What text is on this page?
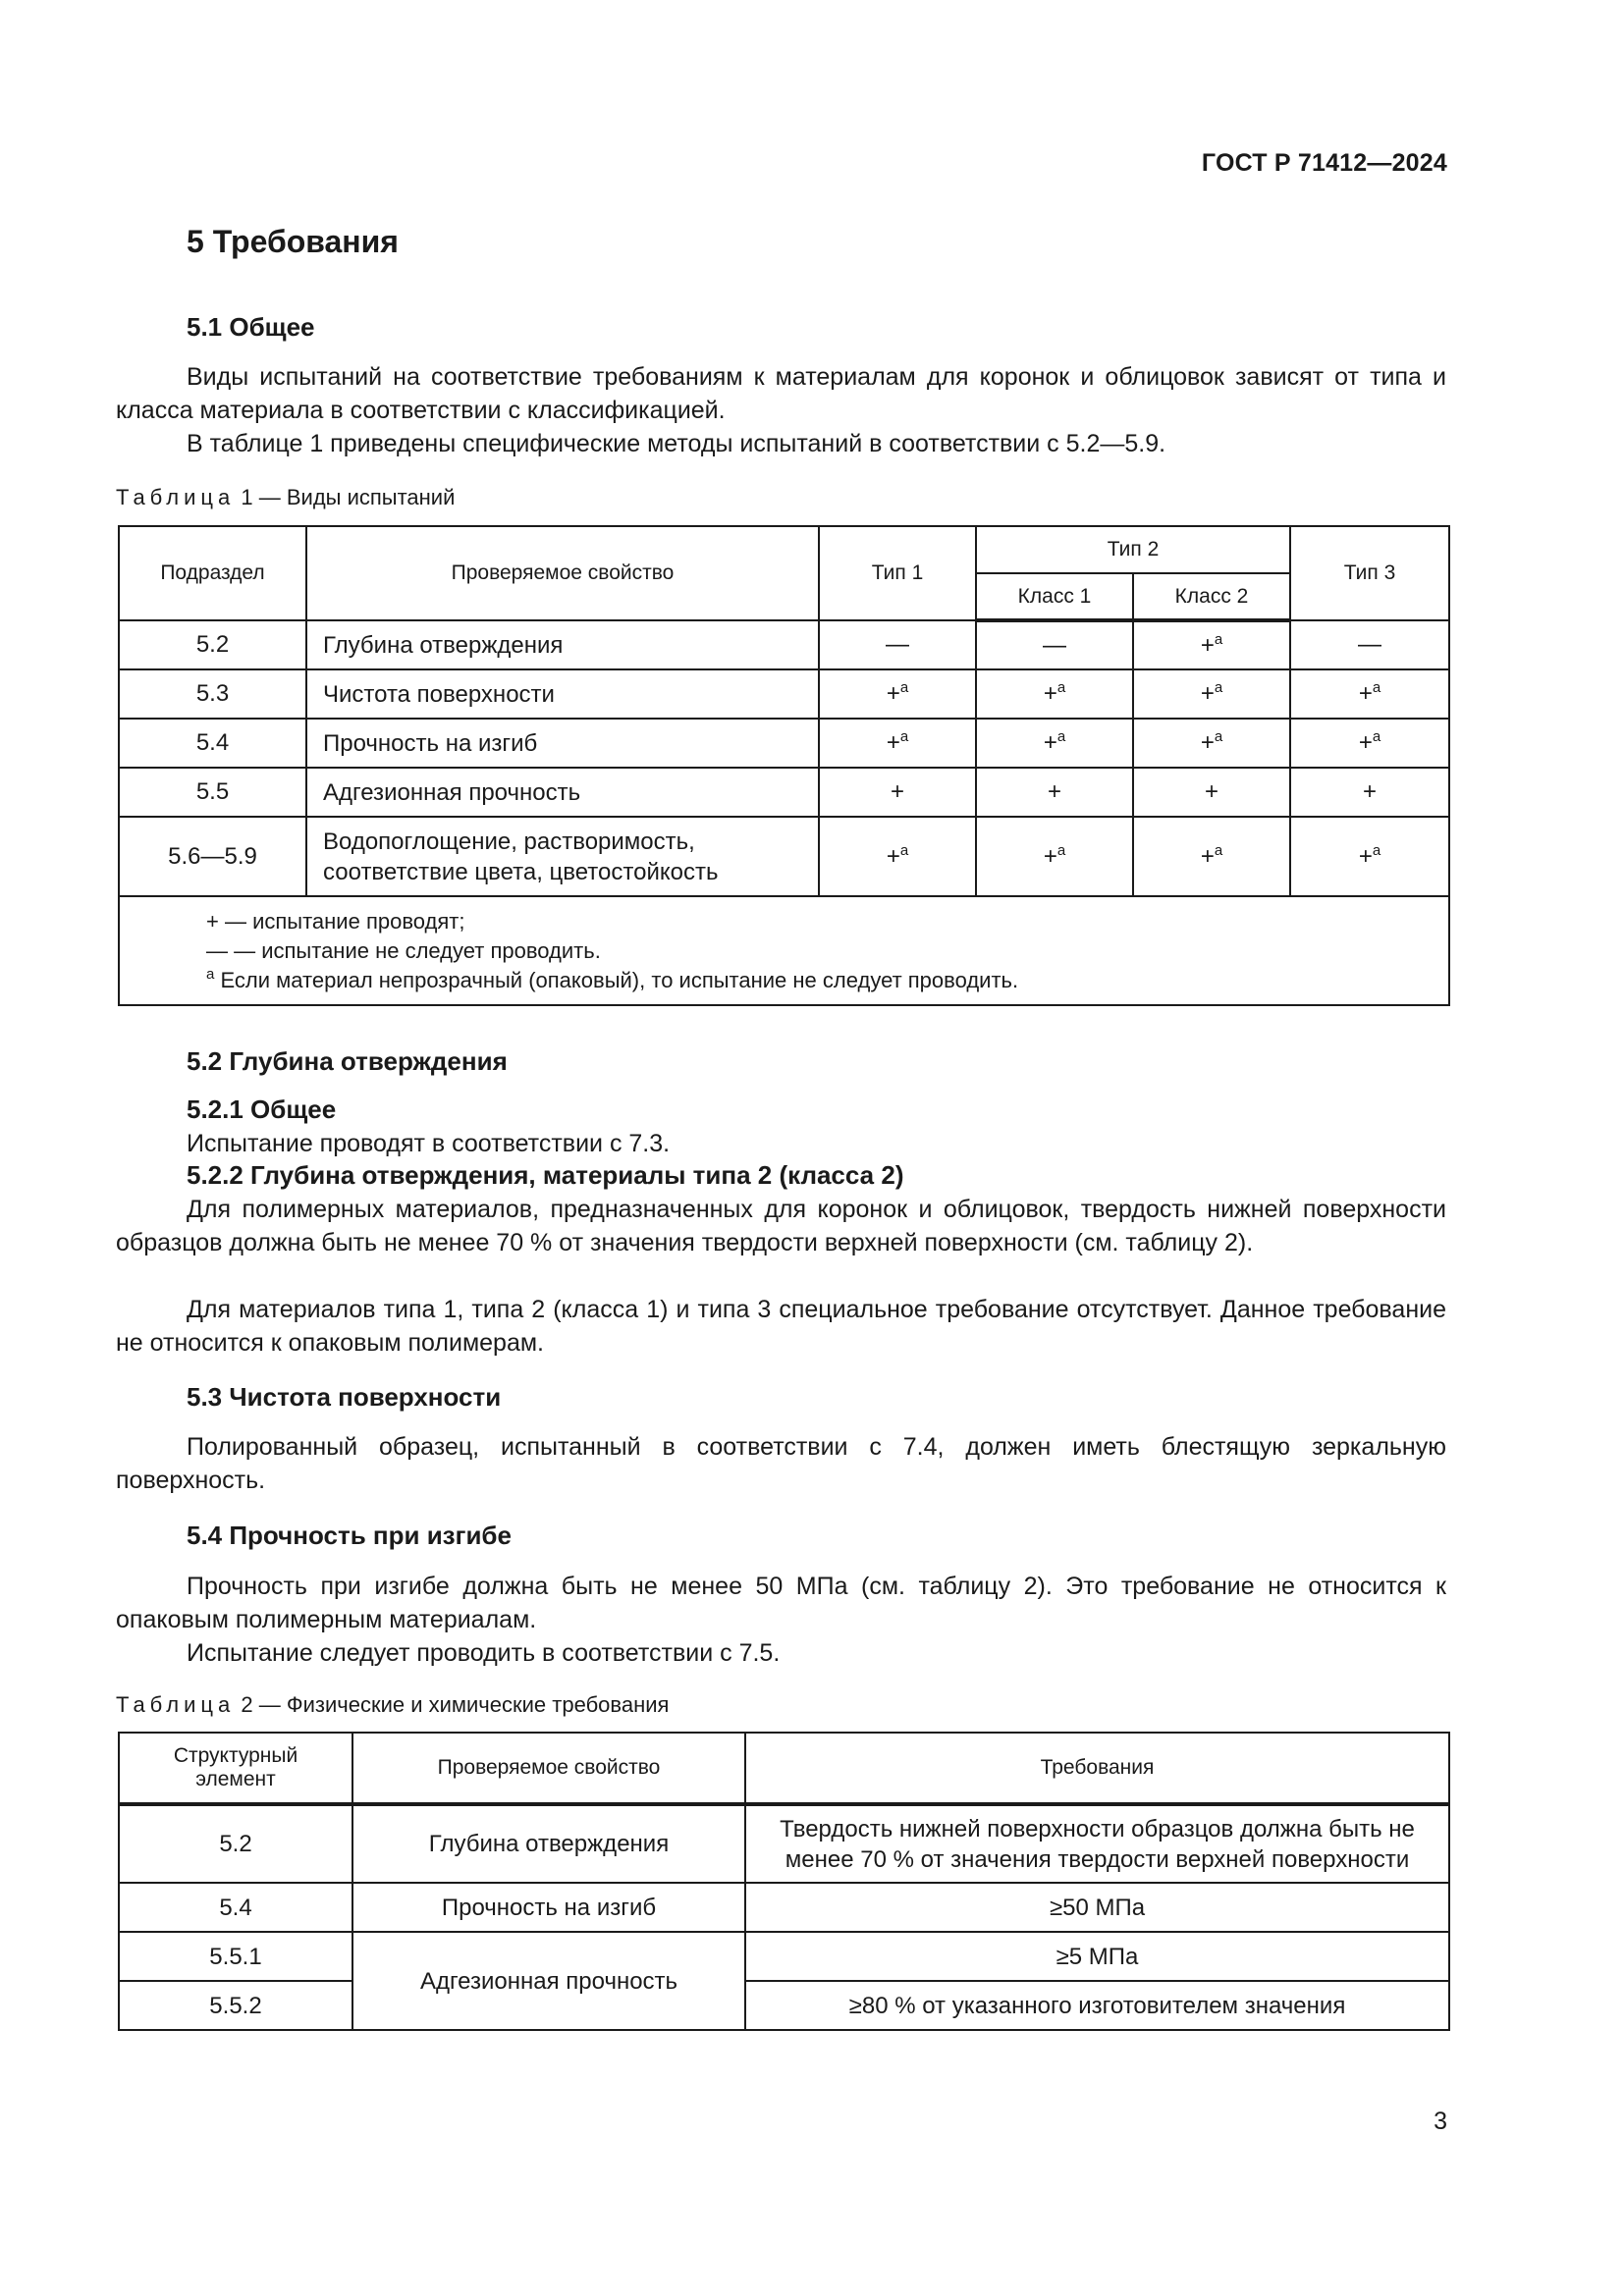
ГОСТ Р 71412—2024
5 Требования
5.1 Общее

Виды испытаний на соответствие требованиям к материалам для коронок и облицовок зависят от типа и класса материала в соответствии с классификацией.

В таблице 1 приведены специфические методы испытаний в соответствии с 5.2—5.9.

Таблица 1 — Виды испытаний
Подраздел	Проверяемое свойство	Тип 1	Тип 2		Тип 3
			Класс 1	Класс 2	
5.2	Глубина отверждения	—	—	+$^a$	—
5.3	Чистота поверхности	+$^a$	+$^a$	+$^a$	+$^a$
5.4	Прочность на изгиб	+$^a$	+$^a$	+$^a$	+$^a$
5.5	Адгезионная прочность	+	+	+	+
5.6—5.9	Водопоглощение, растворимость,
соответствие цвета, цветостойкость	+$^a$	+$^a$	+$^a$	+$^a$

+ — испытание проводят;
— — испытание не следует проводить.
$^a$ Если материал непрозрачный (опаковый), то испытание не следует проводить.					
5.2 Глубина отверждения
5.2.1 Общее
Испытание проводят в соответствии с 7.3.
5.2.2 Глубина отверждения, материалы типа 2 (класса 2)

Для полимерных материалов, предназначенных для коронок и облицовок, твердость нижней поверхности образцов должна быть не менее 70 % от значения твердости верхней поверхности (см. таблицу 2).

Для материалов типа 1, типа 2 (класса 1) и типа 3 специальное требование отсутствует. Данное требование не относится к опаковым полимерам.

5.3 Чистота поверхности

Полированный образец, испытанный в соответствии с 7.4, должен иметь блестящую зеркальную поверхность.

5.4 Прочность при изгибе

Прочность при изгибе должна быть не менее 50 МПа (см. таблицу 2). Это требование не относится к опаковым полимерным материалам.

Испытание следует проводить в соответствии с 7.5.

Таблица 2 — Физические и химические требования
Структурный
элемент	Проверяемое свойство	Требования
5.2	Глубина отверждения	Твердость нижней поверхности образцов должна быть не
менее 70 % от значения твердости верхней поверхности

5.4	Прочность на изгиб	≥50 МПа
5.5.1	Адгезионная прочность	≥5 МПа
5.5.2		≥80 % от указанного изготовителем значения
3
